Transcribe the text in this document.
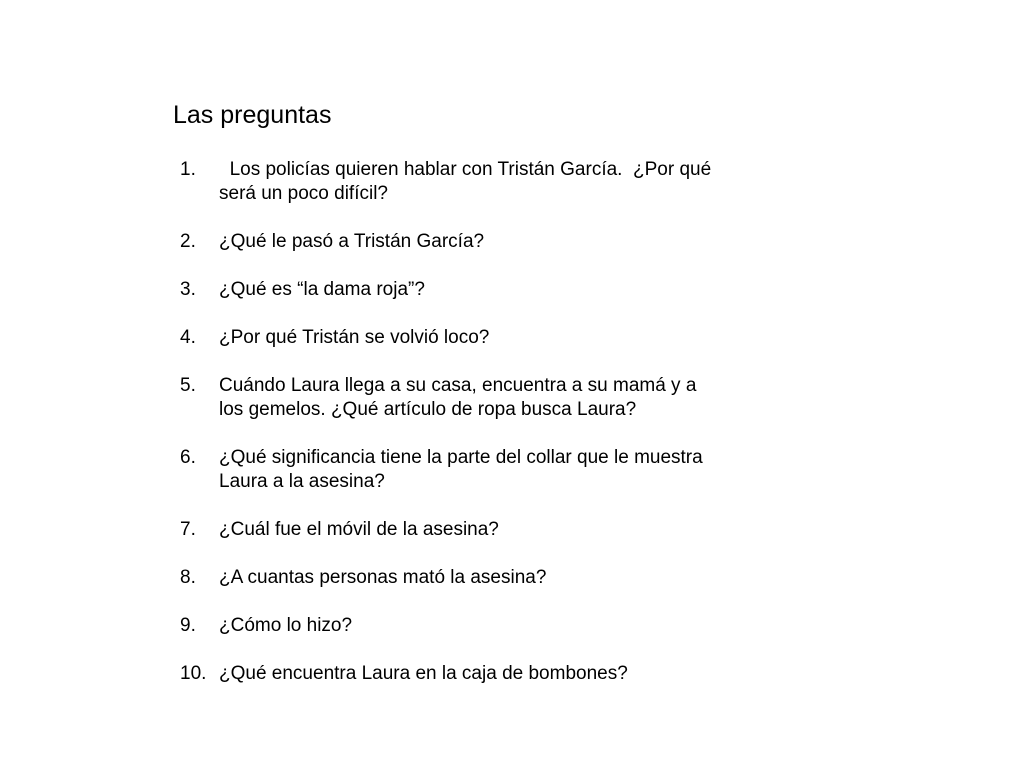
Las preguntas
1. Los policías quieren hablar con Tristán García.  ¿Por qué será un poco difícil?
2. ¿Qué le pasó a Tristán García?
3. ¿Qué es “la dama roja”?
4. ¿Por qué Tristán se volvió loco?
5. Cuándo Laura llega a su casa, encuentra a su mamá y a los gemelos. ¿Qué artículo de ropa busca Laura?
6. ¿Qué significancia tiene la parte del collar que le muestra Laura a la asesina?
7. ¿Cuál fue el móvil de la asesina?
8. ¿A cuantas personas mató la asesina?
9. ¿Cómo lo hizo?
10. ¿Qué encuentra Laura en la caja de bombones?
